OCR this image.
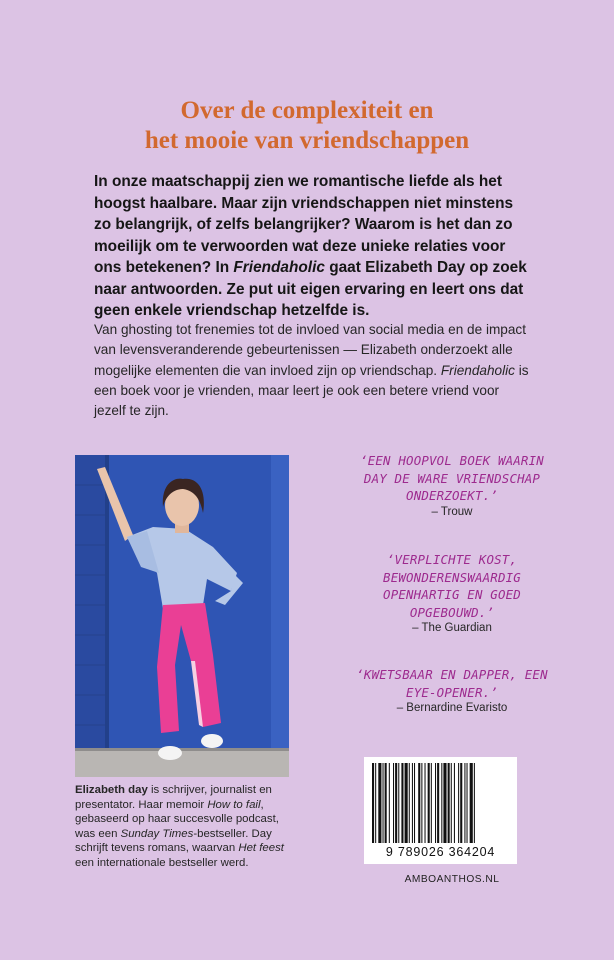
Over de complexiteit en
het mooie van vriendschappen
In onze maatschappij zien we romantische liefde als het hoogst haalbare. Maar zijn vriendschappen niet minstens zo belangrijk, of zelfs belangrijker? Waarom is het dan zo moeilijk om te verwoorden wat deze unieke relaties voor ons betekenen? In Friendaholic gaat Elizabeth Day op zoek naar antwoorden. Ze put uit eigen ervaring en leert ons dat geen enkele vriendschap hetzelfde is.
Van ghosting tot frenemies tot de invloed van social media en de impact van levensveranderende gebeurtenissen — Elizabeth onderzoekt alle mogelijke elementen die van invloed zijn op vriendschap. Friendaholic is een boek voor je vrienden, maar leert je ook een betere vriend voor jezelf te zijn.
Elizabeth day is schrijver, journalist en presentator. Haar memoir How to fail, gebaseerd op haar succesvolle podcast, was een Sunday Times-bestseller. Day schrijft tevens romans, waarvan Het feest een internationale bestseller werd.
‘EEN HOOPVOL BOEK WAARIN DAY DE WARE VRIENDSCHAP ONDERZOEKT.’
– Trouw
‘VERPLICHTE KOST, BEWONDERENSWAARDIG OPENHARTIG EN GOED OPGEBOUWD.’
– The Guardian
‘KWETSBAAR EN DAPPER, EEN EYE-OPENER.’
– Bernardine Evaristo
9 789026 364204
AMBOANTHOS.NL
